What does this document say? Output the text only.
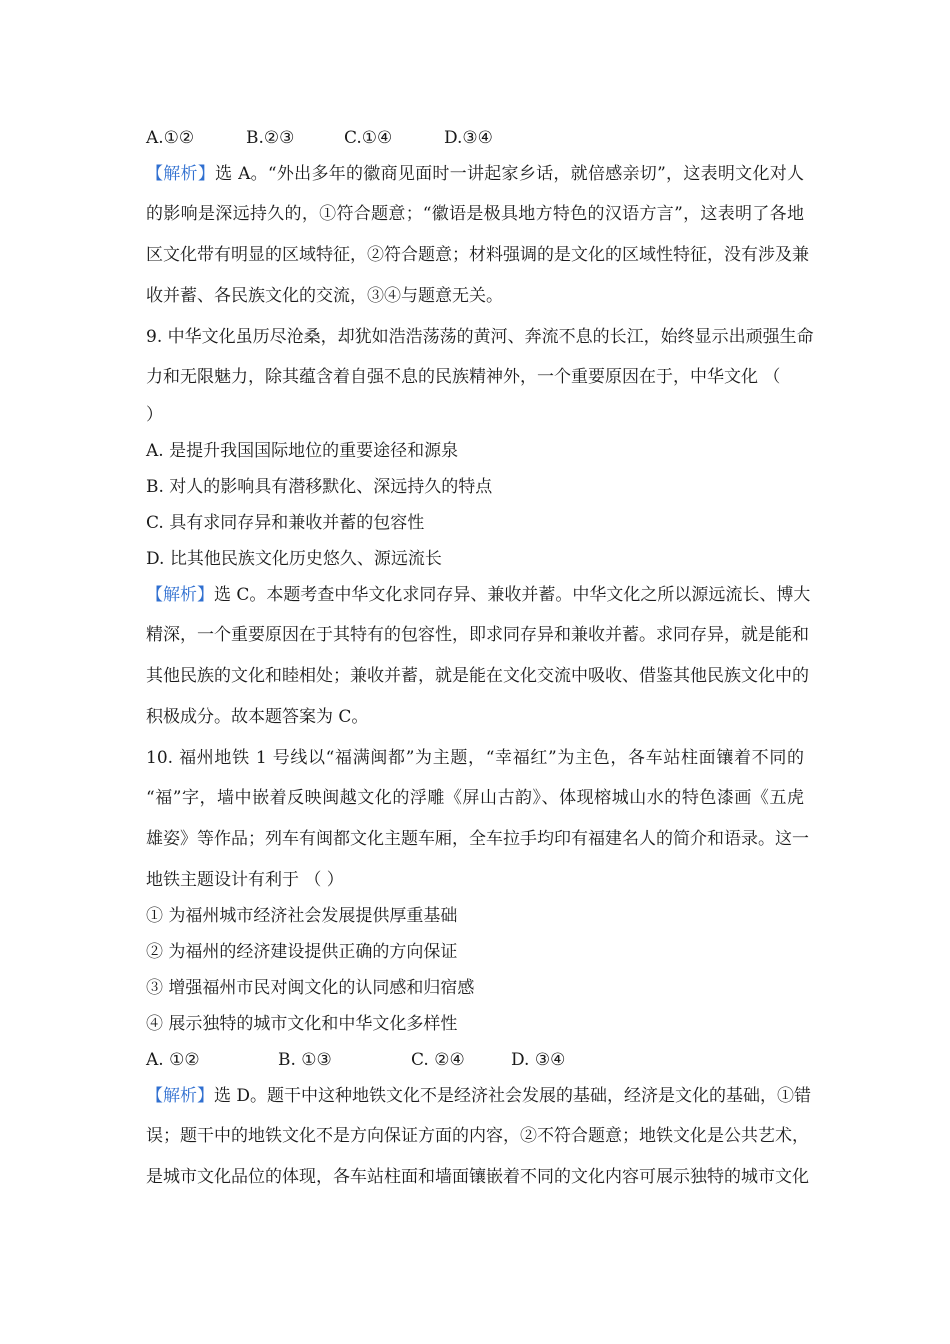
A.①②	B.②③	C.①④	D.③④
【解析】选 A。“外出多年的徽商见面时一讲起家乡话，就倍感亲切”，这表明文化对人
的影响是深远持久的，①符合题意；“徽语是极具地方特色的汉语方言”，这表明了各地
区文化带有明显的区域特征，②符合题意；材料强调的是文化的区域性特征，没有涉及兼
收并蓄、各民族文化的交流，③④与题意无关。
9. 中华文化虽历尽沧桑，却犹如浩浩荡荡的黄河、奔流不息的长江，始终显示出顽强生命
力和无限魅力，除其蕴含着自强不息的民族精神外，一个重要原因在于，中华文化 （
）
A. 是提升我国国际地位的重要途径和源泉
B. 对人的影响具有潜移默化、深远持久的特点
C. 具有求同存异和兼收并蓄的包容性
D. 比其他民族文化历史悠久、源远流长
【解析】选 C。本题考查中华文化求同存异、兼收并蓄。中华文化之所以源远流长、博大
精深，一个重要原因在于其特有的包容性，即求同存异和兼收并蓄。求同存异，就是能和
其他民族的文化和睦相处；兼收并蓄，就是能在文化交流中吸收、借鉴其他民族文化中的
积极成分。故本题答案为 C。
10. 福州地铁 1 号线以“福满闽都”为主题，“幸福红”为主色，各车站柱面镶着不同的
“福”字，墙中嵌着反映闽越文化的浮雕《屏山古韵》、体现榕城山水的特色漆画《五虎
雄姿》等作品；列车有闽都文化主题车厢，全车拉手均印有福建名人的简介和语录。这一
地铁主题设计有利于 （ ）
① 为福州城市经济社会发展提供厚重基础
② 为福州的经济建设提供正确的方向保证
③ 增强福州市民对闽文化的认同感和归宿感
④ 展示独特的城市文化和中华文化多样性
A. ①②	B. ①③	C. ②④	D. ③④
【解析】选 D。题干中这种地铁文化不是经济社会发展的基础，经济是文化的基础，①错
误；题干中的地铁文化不是方向保证方面的内容，②不符合题意；地铁文化是公共艺术，
是城市文化品位的体现，各车站柱面和墙面镶嵌着不同的文化内容可展示独特的城市文化
